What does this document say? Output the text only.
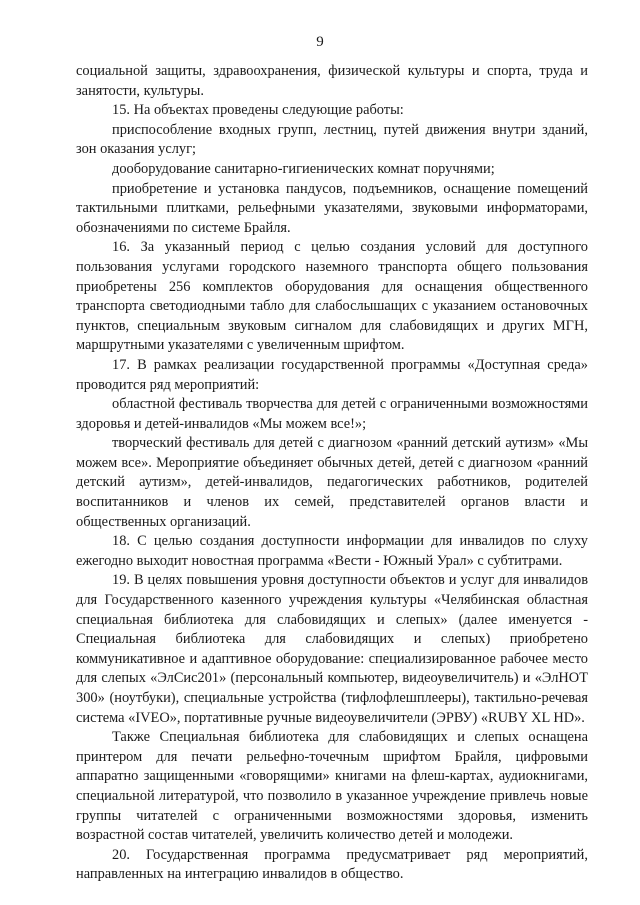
9

социальной защиты, здравоохранения, физической культуры и спорта, труда и занятости, культуры.

15. На объектах проведены следующие работы:

приспособление входных групп, лестниц, путей движения внутри зданий, зон оказания услуг;

дооборудование санитарно-гигиенических комнат поручнями;

приобретение и установка пандусов, подъемников, оснащение помещений тактильными плитками, рельефными указателями, звуковыми информаторами, обозначениями по системе Брайля.

16. За указанный период с целью создания условий для доступного пользования услугами городского наземного транспорта общего пользования приобретены 256 комплектов оборудования для оснащения общественного транспорта светодиодными табло для слабослышащих с указанием остановочных пунктов, специальным звуковым сигналом для слабовидящих и других МГН, маршрутными указателями с увеличенным шрифтом.

17. В рамках реализации государственной программы «Доступная среда» проводится ряд мероприятий:

областной фестиваль творчества для детей с ограниченными возможностями здоровья и детей-инвалидов «Мы можем все!»;

творческий фестиваль для детей с диагнозом «ранний детский аутизм» «Мы можем все». Мероприятие объединяет обычных детей, детей с диагнозом «ранний детский аутизм», детей-инвалидов, педагогических работников, родителей воспитанников и членов их семей, представителей органов власти и общественных организаций.

18. С целью создания доступности информации для инвалидов по слуху ежегодно выходит новостная программа «Вести - Южный Урал» с субтитрами.

19. В целях повышения уровня доступности объектов и услуг для инвалидов для Государственного казенного учреждения культуры «Челябинская областная специальная библиотека для слабовидящих и слепых» (далее именуется - Специальная библиотека для слабовидящих и слепых) приобретено коммуникативное и адаптивное оборудование: специализированное рабочее место для слепых «ЭлСис201» (персональный компьютер, видеоувеличитель) и «ЭлНОТ 300» (ноутбуки), специальные устройства (тифлофлешплееры), тактильно-речевая система «IVEO», портативные ручные видеоувеличители (ЭРВУ) «RUBY XL HD».

Также Специальная библиотека для слабовидящих и слепых оснащена принтером для печати рельефно-точечным шрифтом Брайля, цифровыми аппаратно защищенными «говорящими» книгами на флеш-картах, аудиокнигами, специальной литературой, что позволило в указанное учреждение привлечь новые группы читателей с ограниченными возможностями здоровья, изменить возрастной состав читателей, увеличить количество детей и молодежи.

20. Государственная программа предусматривает ряд мероприятий, направленных на интеграцию инвалидов в общество.
